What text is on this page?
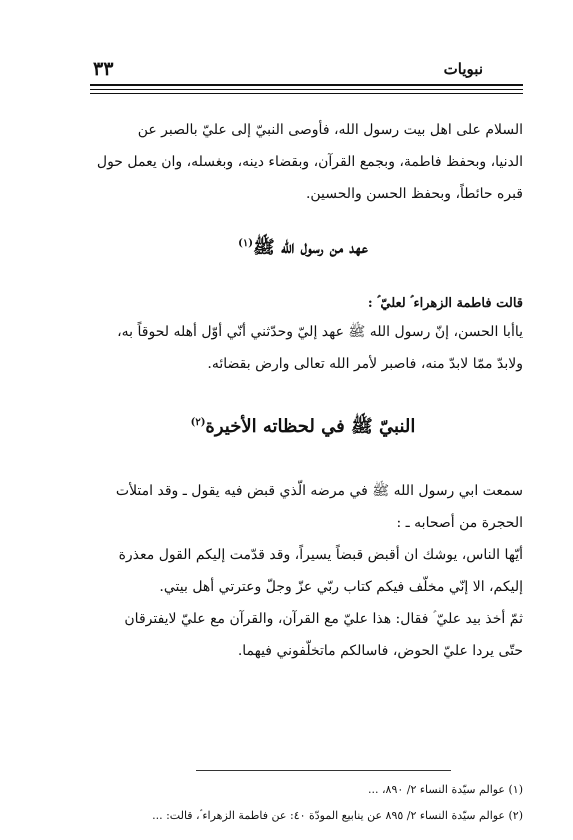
نبويات
٣٣

السلام على اهل بيت رسول الله، فأوصى النبيّ إلى عليّ بالصبر عن

الدنيا، وبحفظ فاطمة، وبجمع القرآن، وبقضاء دينه، وبغسله، وان يعمل حول

قبره حائطاً، وبحفظ الحسن والحسين.

عهد من رسول الله ﷺ$^{(١)}$

قالت فاطمة الزهراء ؑ لعليّ ؑ :

ياأبا الحسن، إنّ رسول الله ﷺ عهد إليّ وحدّثني أنّي أوّل أهله لحوقاً به،

ولابدّ ممّا لابدّ منه، فاصبر لأمر الله تعالى وارض بقضائه.

النبيّ ﷺ في لحظاته الأخيرة$^{(٢)}$

سمعت ابي رسول الله ﷺ في مرضه الّذي قبض فيه يقول ـ وقد امتلأت

الحجرة من أصحابه ـ :

أيّها الناس، يوشك ان أقبض قبضاً يسيراً، وقد قدّمت إليكم القول معذرة

إليكم، الا إنّي مخلّف فيكم كتاب ربّي عزّ وجلّ وعترتي أهل بيتي.

ثمّ أخذ بيد عليّ ؑ فقال: هذا عليّ مع القرآن، والقرآن مع عليّ لايفترقان

حتّى يردا عليّ الحوض، فاسالكم ماتخلّفوني فيهما.

(١) عوالم سيّدة النساء ٢/ ٨٩٠، ...

(٢) عوالم سيّدة النساء ٢/ ٨٩٥ عن ينابيع المودّة ٤٠: عن فاطمة الزهراء ؑ، قالت: ...
